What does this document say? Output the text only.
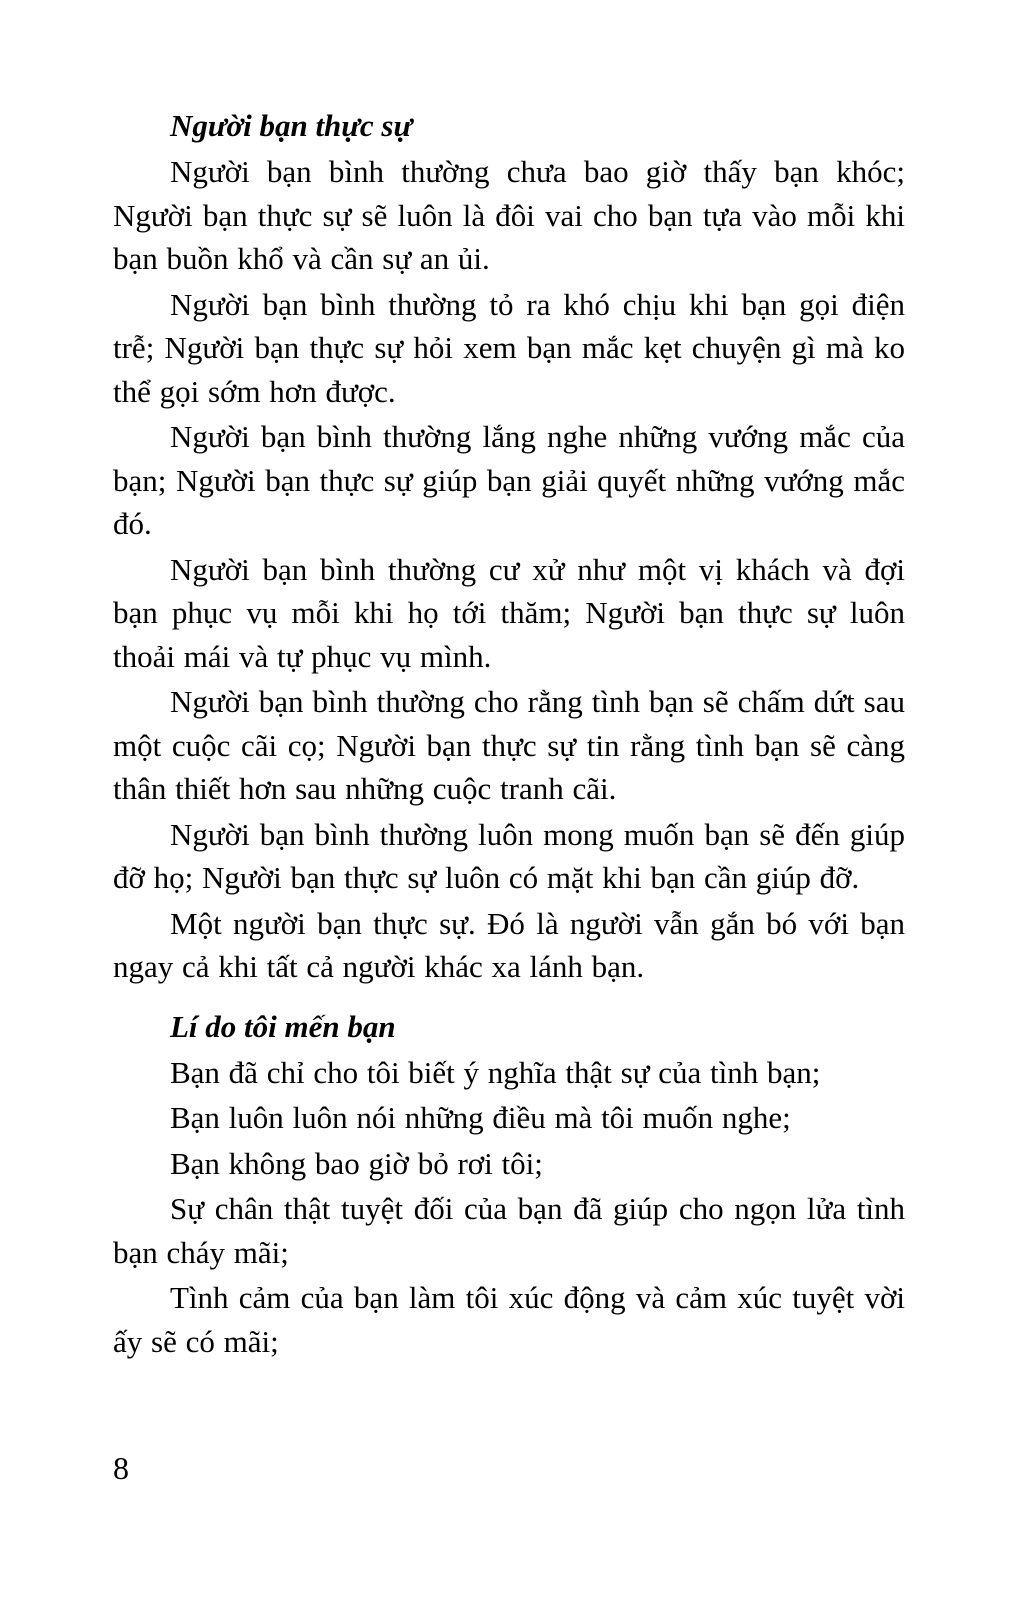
Người bạn thực sự

Người bạn bình thường chưa bao giờ thấy bạn khóc; Người bạn thực sự sẽ luôn là đôi vai cho bạn tựa vào mỗi khi bạn buồn khổ và cần sự an ủi.

Người bạn bình thường tỏ ra khó chịu khi bạn gọi điện trễ; Người bạn thực sự hỏi xem bạn mắc kẹt chuyện gì mà ko thể gọi sớm hơn được.

Người bạn bình thường lắng nghe những vướng mắc của bạn; Người bạn thực sự giúp bạn giải quyết những vướng mắc đó.

Người bạn bình thường cư xử như một vị khách và đợi bạn phục vụ mỗi khi họ tới thăm; Người bạn thực sự luôn thoải mái và tự phục vụ mình.

Người bạn bình thường cho rằng tình bạn sẽ chấm dứt sau một cuộc cãi cọ; Người bạn thực sự tin rằng tình bạn sẽ càng thân thiết hơn sau những cuộc tranh cãi.

Người bạn bình thường luôn mong muốn bạn sẽ đến giúp đỡ họ; Người bạn thực sự luôn có mặt khi bạn cần giúp đỡ.

Một người bạn thực sự. Đó là người vẫn gắn bó với bạn ngay cả khi tất cả người khác xa lánh bạn.

Lí do tôi mến bạn

Bạn đã chỉ cho tôi biết ý nghĩa thật sự của tình bạn;

Bạn luôn luôn nói những điều mà tôi muốn nghe;

Bạn không bao giờ bỏ rơi tôi;

Sự chân thật tuyệt đối của bạn đã giúp cho ngọn lửa tình bạn cháy mãi;

Tình cảm của bạn làm tôi xúc động và cảm xúc tuyệt vời ấy sẽ có mãi;

8
